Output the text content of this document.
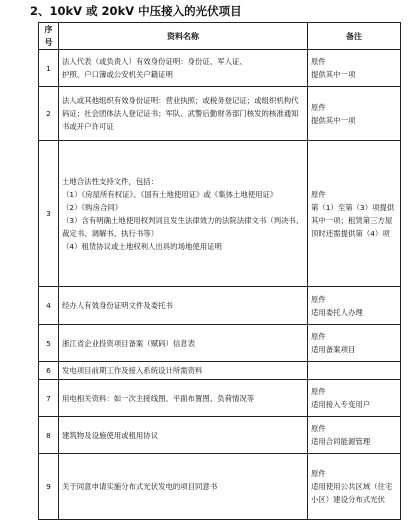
2、10kV 或 20kV 中压接入的光伏项目
序号	资料名称	备注
1	法人代表（或负责人）有效身份证明：身份证、军人证、
护照、户口簿或公安机关户籍证明	原件
提供其中一项

2	法人或其他组织有效身份证明：营业执照；或税务登记证；或组织机构代码证；社会团体法人登记证书；军队、武警后勤财务部门核发的核准通知书或开户许可证	原件
提供其中一项

3	土地合法性支持文件，包括：
（1）《房屋所有权证》、《国有土地使用证》或《集体土地使用证》
（2）《购房合同》
（3）含有明确土地使用权判词且发生法律效力的法院法律文书（判决书、裁定书、调解书、执行书等）
（4）租赁协议或土地权利人出具的场地使用证明	原件
第（1）至第（3）项提供其中一项；租赁第三方屋顶时还需提供第（4）项

4	经办人有效身份证明文件及委托书	原件
适用委托人办理

5	浙江省企业投资项目备案（赋码）信息表	原件
适用备案项目

6	发电项目前期工作及接入系统设计所需资料	

7	用电相关资料：如一次主接线图、平面布置图、负荷情况等	原件
适用接入专变用户

8	建筑物及设施使用或租用协议	原件
适用合同能源管理

9	关于同意申请实施分布式光伏发电的项目同意书	原件
适用使用公共区域（住宅小区）建设分布式光伏
